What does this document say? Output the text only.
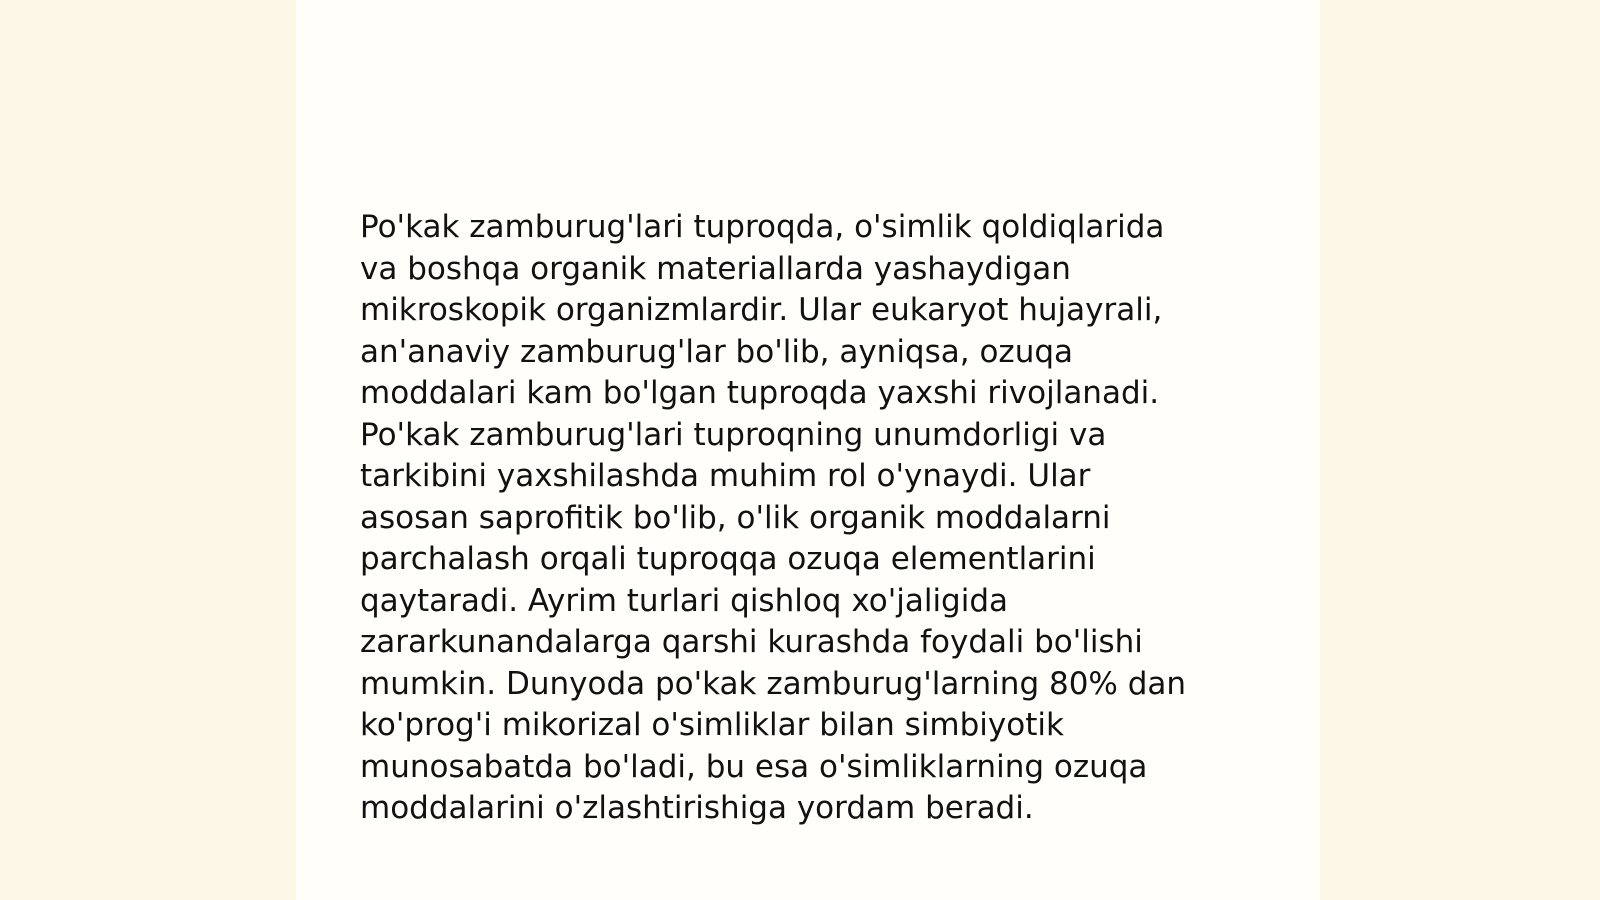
Po'kak zamburug'lari tuproqda, o'simlik qoldiqlarida
va boshqa organik materiallarda yashaydigan
mikroskopik organizmlardir. Ular eukaryot hujayrali,
an'anaviy zamburug'lar bo'lib, ayniqsa, ozuqa
moddalari kam bo'lgan tuproqda yaxshi rivojlanadi.
Po'kak zamburug'lari tuproqning unumdorligi va
tarkibini yaxshilashda muhim rol o'ynaydi. Ular
asosan saprofitik bo'lib, o'lik organik moddalarni
parchalash orqali tuproqqa ozuqa elementlarini
qaytaradi. Ayrim turlari qishloq xo'jaligida
zararkunandalarga qarshi kurashda foydali bo'lishi
mumkin. Dunyoda po'kak zamburug'larning 80% dan
ko'prog'i mikorizal o'simliklar bilan simbiyotik
munosabatda bo'ladi, bu esa o'simliklarning ozuqa
moddalarini o'zlashtirishiga yordam beradi.
